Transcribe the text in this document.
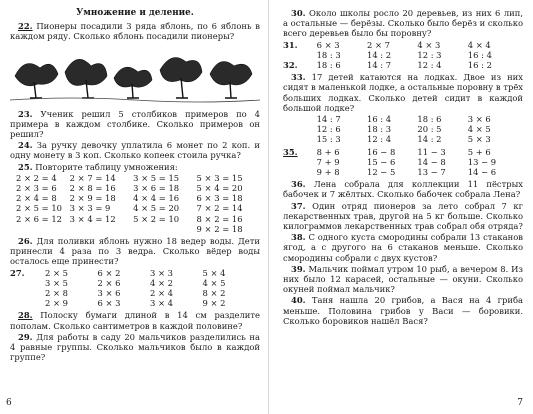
Умножение и деление.

22. Пионеры посадили 3 ряда яблонь, по 6 яблонь в каждом ряду. Сколько яблонь посадили пионеры?

23. Ученик решил 5 столбиков примеров по 4 примера в каждом столбике. Сколько примеров он решил?

24. За ручку девочку уплатила 6 монет по 2 коп. и одну монету в 3 коп. Сколько копеек стоила ручка?

25. Повторите таблицу умножения:

2 × 2 = 4	2 × 7 = 14	3 × 5 = 15	5 × 3 = 15
2 × 3 = 6	2 × 8 = 16	3 × 6 = 18	5 × 4 = 20
2 × 4 = 8	2 × 9 = 18	4 × 4 = 16	6 × 3 = 18
2 × 5 = 10 3 × 3 = 9	4 × 5 = 20	7 × 2 = 14
2 × 6 = 12 3 × 4 = 12	5 × 2 = 10	8 × 2 = 16
9 × 2 = 18

26. Для поливки яблонь нужно 18 ведер воды. Дети принесли 4 раза по 3 ведра. Сколько вёдер воды осталось еще принести?

27.	2 × 5	6 × 2	3 × 3	5 × 4
3 × 5	2 × 6	4 × 2	4 × 5
2 × 8	3 × 6	2 × 4	8 × 2
2 × 9	6 × 3	3 × 4	9 × 2

28. Полоску бумаги длиной в 14 см разделите пополам. Сколько сантиметров в каждой половине?

29. Для работы в саду 20 мальчиков разделились на 4 равные группы. Сколько мальчиков было в каждой группе?

6

30. Около школы росло 20 деревьев, из них 6 лип, а остальные — берёзы. Сколько было берёз и сколько всего деревьев было бы поровну?

31.	6 × 3	2 × 7	4 × 3	4 × 4
18 : 3	14 : 2	12 : 3	16 : 4
32.	18 : 6	14 : 7	12 : 4	16 : 2

33. 17 детей катаются на лодках. Двое из них сидят в маленькой лодке, а остальные поровну в трёх больших лодках. Сколько детей сидит в каждой большой лодке?

14 : 7	16 : 4	18 : 6	3 × 6
12 : 6	18 : 3	20 : 5	4 × 5
15 : 3	12 : 4	14 : 2	5 × 3
35.	8 + 6	16 − 8	11 − 3	5 + 6
7 + 9	15 − 6	14 − 8	13 − 9
9 + 8	12 − 5	13 − 7	14 − 6

36. Лена собрала для коллекции 11 пёстрых бабочек и 7 жёлтых. Сколько бабочек собрала Лена?

37. Один отряд пионеров за лето собрал 7 кг лекарственных трав, другой на 5 кг больше. Сколько килограммов лекарственных трав собрал обя отряда?

38. С одного куста смородины собрали 13 стаканов ягод, а с другого на 6 стаканов меньше. Сколько смородины собрали с двух кустов?

39. Мальчик поймал утром 10 рыб, а вечером 8. Из них было 12 карасей, остальные — окуни. Сколько окуней поймал мальчик?

40. Таня нашла 20 грибов, а Вася на 4 гриба меньше. Половина грибов у Васи — боровики. Сколько боровиков нашёл Вася?

7
